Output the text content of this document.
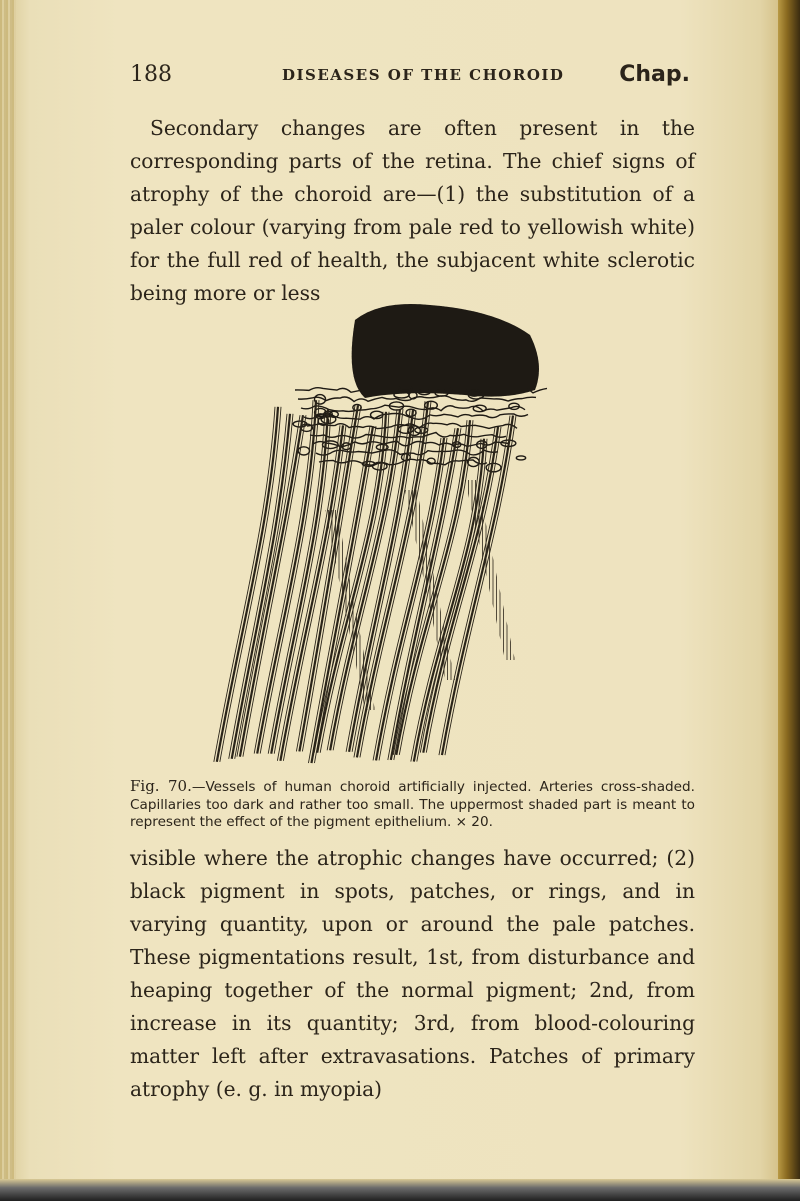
188	DISEASES OF THE CHOROID Chap.

Secondary changes are often present in the corresponding parts of the retina. The chief signs of atrophy of the choroid are—(1) the substitution of a paler colour (varying from pale red to yellowish white) for the full red of health, the subjacent white sclerotic being more or less

Fig. 70.—Vessels of human choroid artificially injected. Arteries cross-shaded. Capillaries too dark and rather too small. The uppermost shaded part is meant to represent the effect of the pigment epithelium. × 20.

visible where the atrophic changes have occurred; (2) black pigment in spots, patches, or rings, and in varying quantity, upon or around the pale patches. These pigmentations result, 1st, from disturbance and heaping together of the normal pigment; 2nd, from increase in its quantity; 3rd, from blood-colouring matter left after extravasations. Patches of primary atrophy (e. g. in myopia)
